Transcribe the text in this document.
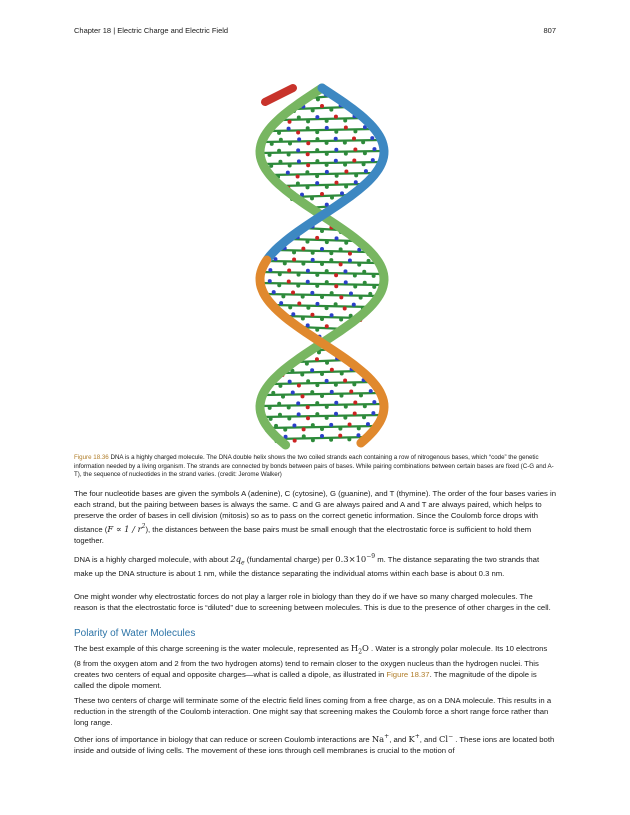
Chapter 18 | Electric Charge and Electric Field	807
Figure 18.36 DNA is a highly charged molecule. The DNA double helix shows the two coiled strands each containing a row of nitrogenous bases, which “code” the genetic information needed by a living organism. The strands are connected by bonds between pairs of bases. While pairing combinations between certain bases are fixed (C-G and A-T), the sequence of nucleotides in the strand varies. (credit: Jerome Walker)

The four nucleotide bases are given the symbols A (adenine), C (cytosine), G (guanine), and T (thymine). The order of the four bases varies in each strand, but the pairing between bases is always the same. C and G are always paired and A and T are always paired, which helps to preserve the order of bases in cell division (mitosis) so as to pass on the correct genetic information. Since the Coulomb force drops with distance $(F \propto 1 / r^2)$, the distances between the base pairs must be small enough that the electrostatic force is sufficient to hold them together.

DNA is a highly charged molecule, with about $2q_e$ (fundamental charge) per $0.3\times 10^{-9}$ m. The distance separating the two strands that make up the DNA structure is about 1 nm, while the distance separating the individual atoms within each base is about 0.3 nm.

One might wonder why electrostatic forces do not play a larger role in biology than they do if we have so many charged molecules. The reason is that the electrostatic force is “diluted” due to screening between molecules. This is due to the presence of other charges in the cell.

Polarity of Water Molecules

The best example of this charge screening is the water molecule, represented as $H_2O$ . Water is a strongly polar molecule. Its 10 electrons (8 from the oxygen atom and 2 from the two hydrogen atoms) tend to remain closer to the oxygen nucleus than the hydrogen nuclei. This creates two centers of equal and opposite charges—what is called a dipole, as illustrated in Figure 18.37. The magnitude of the dipole is called the dipole moment.

These two centers of charge will terminate some of the electric field lines coming from a free charge, as on a DNA molecule. This results in a reduction in the strength of the Coulomb interaction. One might say that screening makes the Coulomb force a short range force rather than long range.

Other ions of importance in biology that can reduce or screen Coulomb interactions are Na+, and K+, and Cl− . These ions are located both inside and outside of living cells. The movement of these ions through cell membranes is crucial to the motion of
